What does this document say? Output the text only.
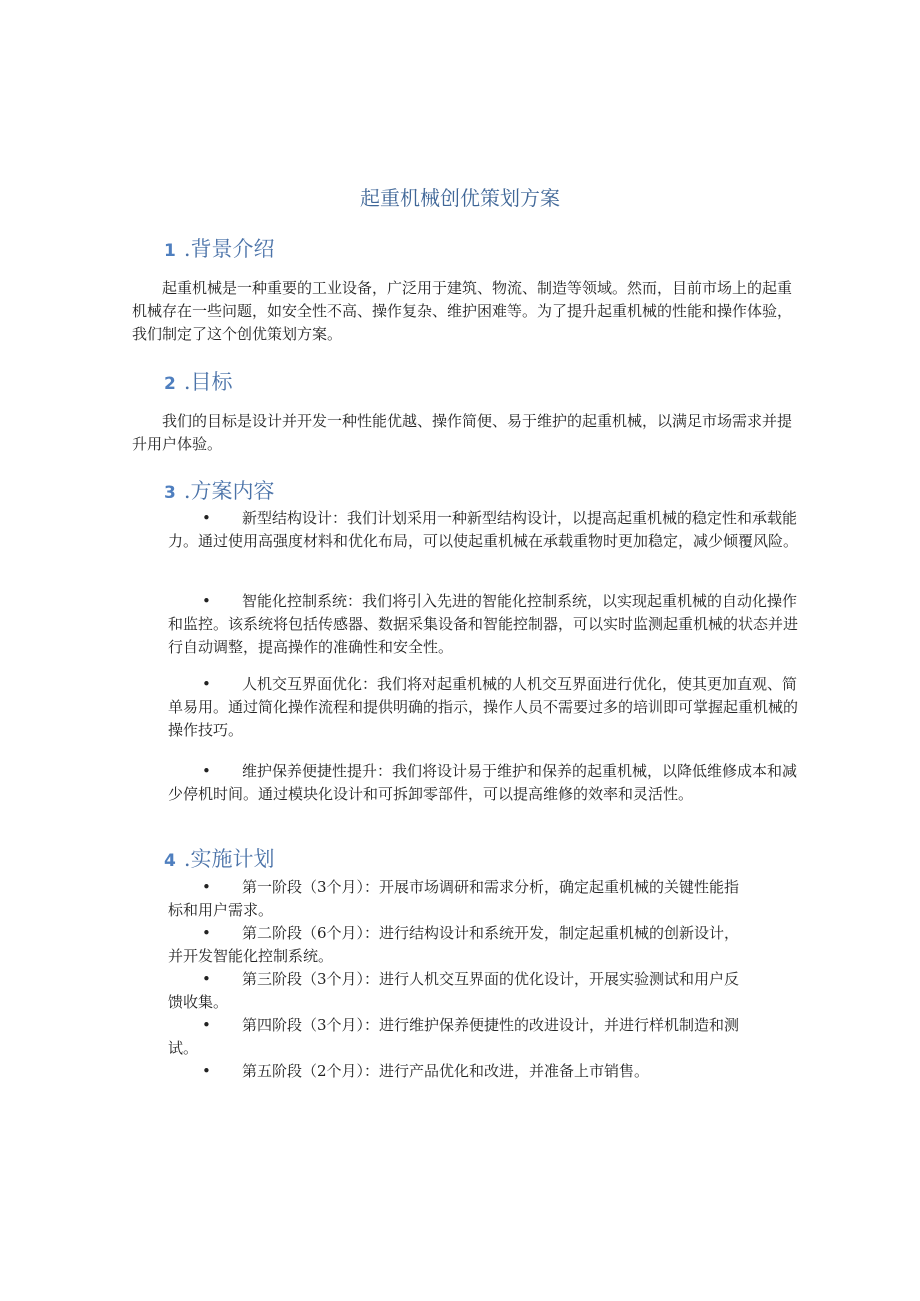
起重机械创优策划方案
1 .背景介绍

起重机械是一种重要的工业设备，广泛用于建筑、物流、制造等领域。然而，目前市场上的起重机械存在一些问题，如安全性不高、操作复杂、维护困难等。为了提升起重机械的性能和操作体验，我们制定了这个创优策划方案。

2 .目标

我们的目标是设计并开发一种性能优越、操作简便、易于维护的起重机械，以满足市场需求并提升用户体验。

3 .方案内容

• 新型结构设计：我们计划采用一种新型结构设计，以提高起重机械的稳定性和承载能力。通过使用高强度材料和优化布局，可以使起重机械在承载重物时更加稳定，减少倾覆风险。

• 智能化控制系统：我们将引入先进的智能化控制系统，以实现起重机械的自动化操作和监控。该系统将包括传感器、数据采集设备和智能控制器，可以实时监测起重机械的状态并进行自动调整，提高操作的准确性和安全性。

• 人机交互界面优化：我们将对起重机械的人机交互界面进行优化，使其更加直观、简单易用。通过简化操作流程和提供明确的指示，操作人员不需要过多的培训即可掌握起重机械的操作技巧。

• 维护保养便捷性提升：我们将设计易于维护和保养的起重机械，以降低维修成本和减少停机时间。通过模块化设计和可拆卸零部件，可以提高维修的效率和灵活性。

4 .实施计划

• 第一阶段（3个月）：开展市场调研和需求分析，确定起重机械的关键性能指标和用户需求。

• 第二阶段（6个月）：进行结构设计和系统开发，制定起重机械的创新设计，并开发智能化控制系统。

• 第三阶段（3个月）：进行人机交互界面的优化设计，开展实验测试和用户反馈收集。

• 第四阶段（3个月）：进行维护保养便捷性的改进设计，并进行样机制造和测试。

• 第五阶段（2个月）：进行产品优化和改进，并准备上市销售。
